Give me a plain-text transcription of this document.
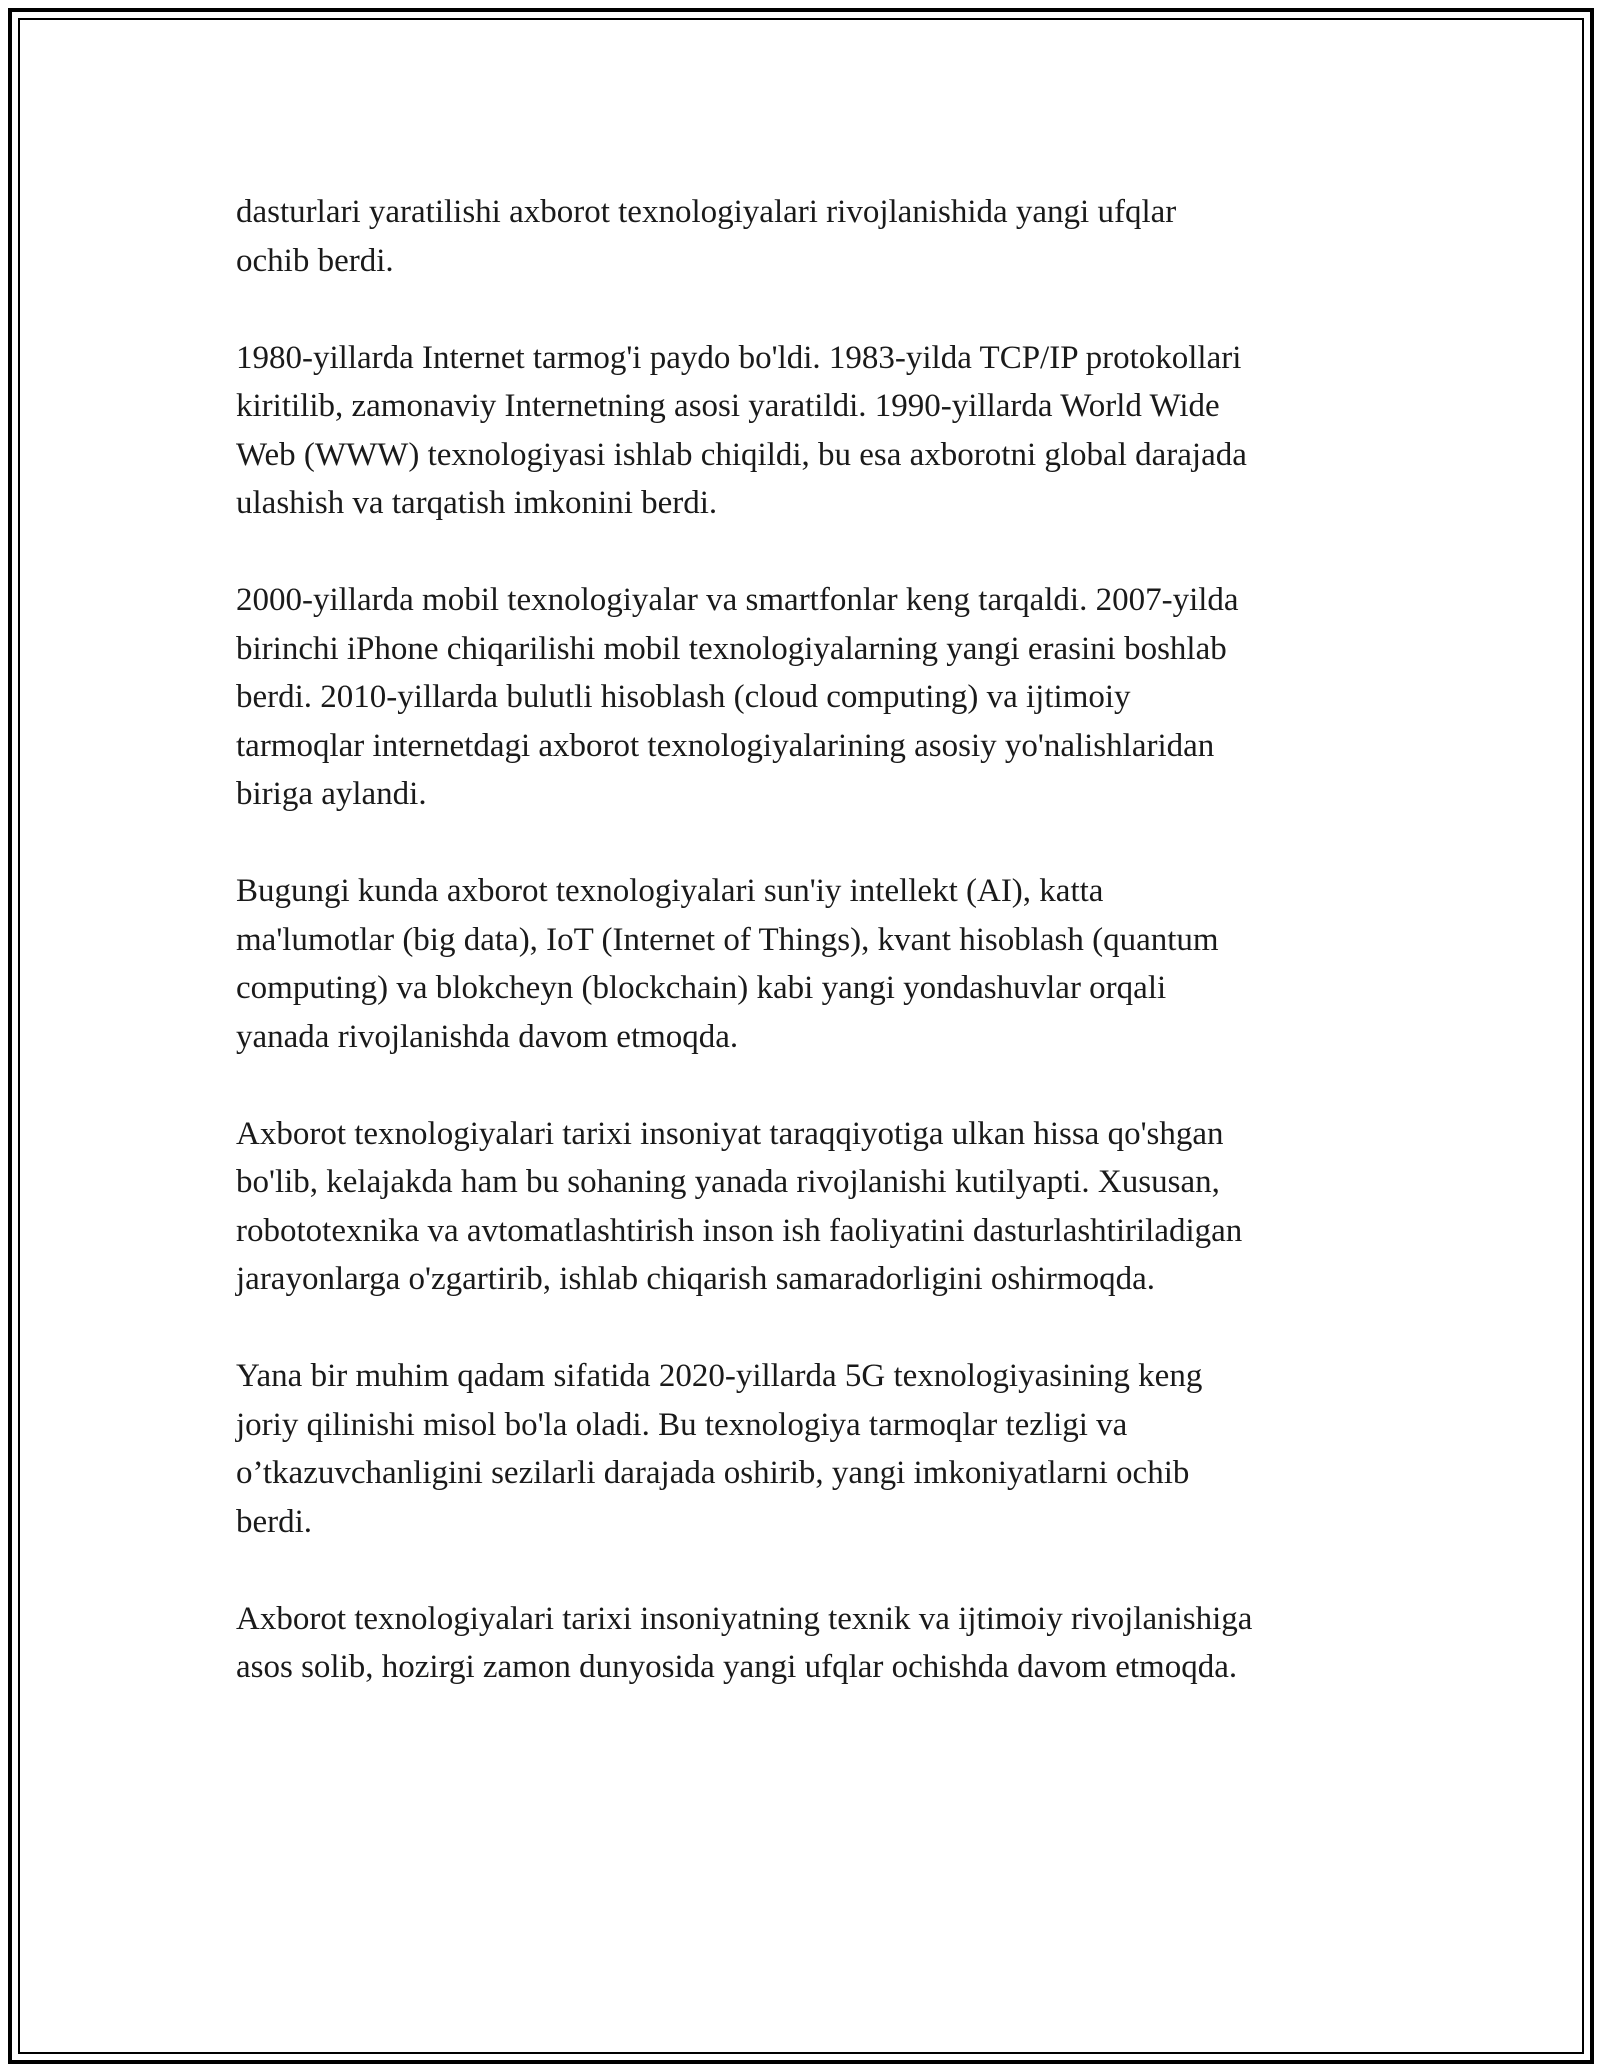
dasturlari yaratilishi axborot texnologiyalari rivojlanishida yangi ufqlar
ochib berdi.

1980-yillarda Internet tarmog'i paydo bo'ldi. 1983-yilda TCP/IP protokollari
kiritilib, zamonaviy Internetning asosi yaratildi. 1990-yillarda World Wide
Web (WWW) texnologiyasi ishlab chiqildi, bu esa axborotni global darajada
ulashish va tarqatish imkonini berdi.

2000-yillarda mobil texnologiyalar va smartfonlar keng tarqaldi. 2007-yilda
birinchi iPhone chiqarilishi mobil texnologiyalarning yangi erasini boshlab
berdi. 2010-yillarda bulutli hisoblash (cloud computing) va ijtimoiy
tarmoqlar internetdagi axborot texnologiyalarining asosiy yo'nalishlaridan
biriga aylandi.

Bugungi kunda axborot texnologiyalari sun'iy intellekt (AI), katta
ma'lumotlar (big data), IoT (Internet of Things), kvant hisoblash (quantum
computing) va blokcheyn (blockchain) kabi yangi yondashuvlar orqali
yanada rivojlanishda davom etmoqda.

Axborot texnologiyalari tarixi insoniyat taraqqiyotiga ulkan hissa qo'shgan
bo'lib, kelajakda ham bu sohaning yanada rivojlanishi kutilyapti. Xususan,
robototexnika va avtomatlashtirish inson ish faoliyatini dasturlashtiriladigan
jarayonlarga o'zgartirib, ishlab chiqarish samaradorligini oshirmoqda.

Yana bir muhim qadam sifatida 2020-yillarda 5G texnologiyasining keng
joriy qilinishi misol bo'la oladi. Bu texnologiya tarmoqlar tezligi va
o’tkazuvchanligini sezilarli darajada oshirib, yangi imkoniyatlarni ochib
berdi.

Axborot texnologiyalari tarixi insoniyatning texnik va ijtimoiy rivojlanishiga
asos solib, hozirgi zamon dunyosida yangi ufqlar ochishda davom etmoqda.
